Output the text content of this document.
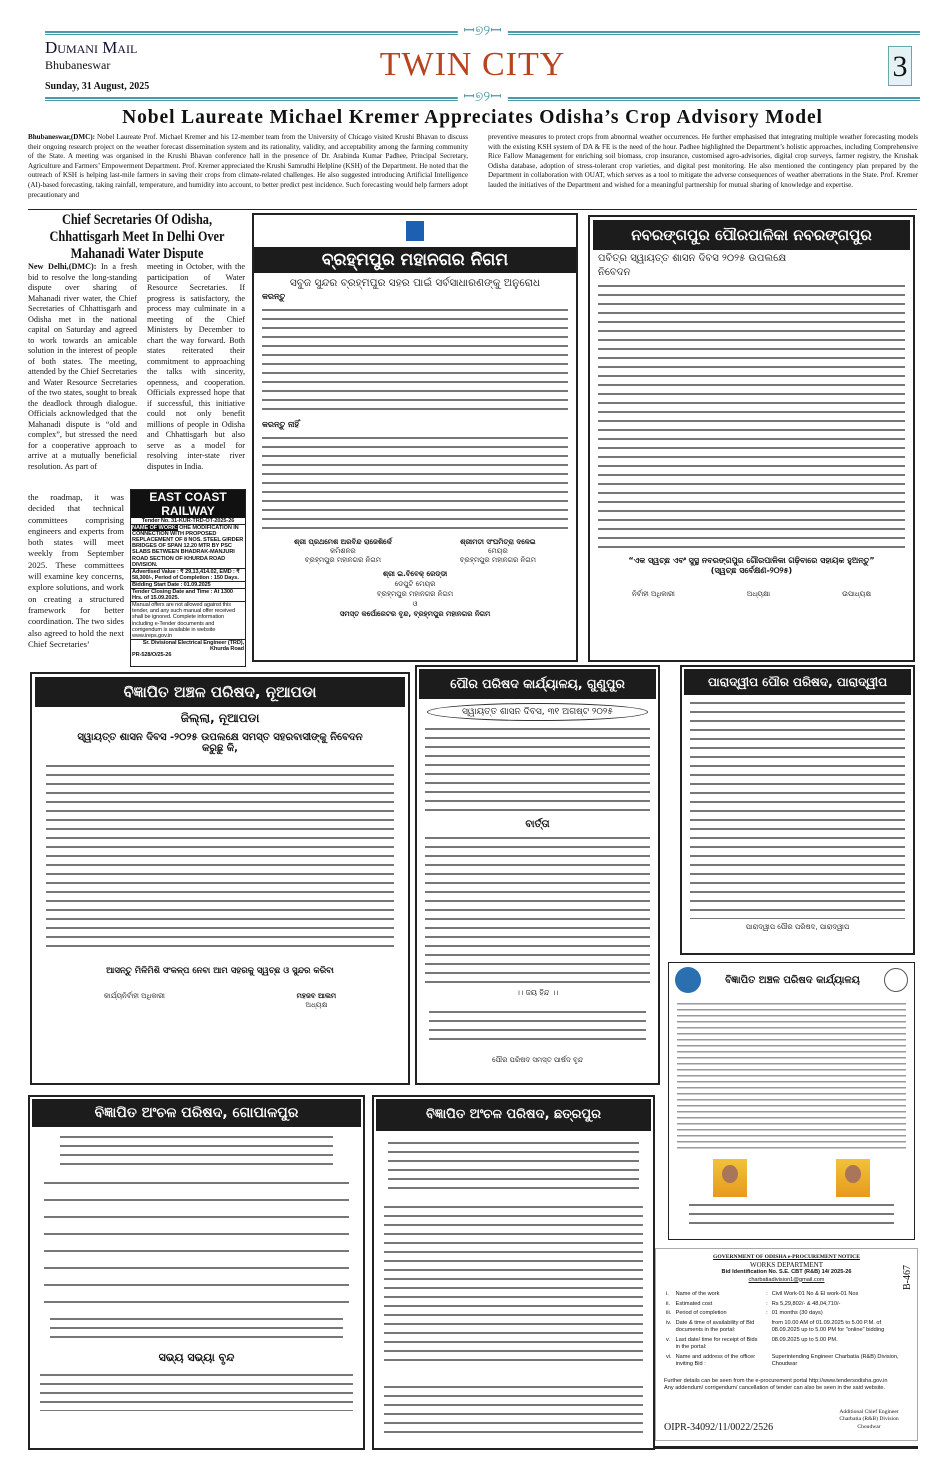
ꟷ୭୨ꟷ
ꟷ୭୨ꟷ
Dumani Mail
Bhubaneswar
Sunday, 31 August, 2025
TWIN CITY	3
Nobel Laureate Michael Kremer Appreciates Odisha’s Crop Advisory Model
Bhubaneswar,(DMC): Nobel Laureate Prof. Michael Kremer and his 12-member team from the University of Chicago visited Krushi Bhavan to discuss their ongoing research project on the weather forecast dissemination system and its rationality, validity, and acceptability among the farming community of the State. A meeting was organised in the Krushi Bhavan conference hall in the presence of Dr. Arabinda Kumar Padhee, Principal Secretary, Agriculture and Farmers’ Empowerment Department. Prof. Kremer appreciated the Krushi Samrudhi Helpline (KSH) of the Department. He noted that the outreach of KSH is helping last-mile farmers in saving their crops from climate-related challenges. He also suggested introducing Artificial Intelligence (AI)-based forecasting, taking rainfall, temperature, and humidity into account, to better predict pest incidence. Such forecasting would help farmers adopt precautionary and
preventive measures to protect crops from abnormal weather occurrences. He further emphasised that integrating multiple weather forecasting models with the existing KSH system of DA & FE is the need of the hour. Padhee highlighted the Department’s holistic approaches, including Comprehensive Rice Fallow Management for enriching soil biomass, crop insurance, customised agro-advisories, digital crop surveys, farmer registry, the Krushak Odisha database, adoption of stress-tolerant crop varieties, and digital pest monitoring. He also mentioned the contingency plan prepared by the Department in collaboration with OUAT, which serves as a tool to mitigate the adverse consequences of weather aberrations in the State. Prof. Kremer lauded the initiatives of the Department and wished for a meaningful partnership for mutual sharing of knowledge and expertise.
Chief Secretaries Of Odisha, Chhattisgarh Meet In Delhi Over Mahanadi Water Dispute
New Delhi,(DMC): In a fresh bid to resolve the long-standing dispute over sharing of Mahanadi river water, the Chief Secretaries of Chhattisgarh and Odisha met in the national capital on Saturday and agreed to work towards an amicable solution in the interest of people of both states. The meeting, attended by the Chief Secretaries and Water Resource Secretaries of the two states, sought to break the deadlock through dialogue. Officials acknowledged that the Mahanadi dispute is “old and complex”, but stressed the need for a cooperative approach to arrive at a mutually beneficial resolution. As part of
meeting in October, with the participation of Water Resource Secretaries. If progress is satisfactory, the process may culminate in a meeting of the Chief Ministers by December to chart the way forward. Both states reiterated their commitment to approaching the talks with sincerity, openness, and cooperation. Officials expressed hope that if successful, this initiative could not only benefit millions of people in Odisha and Chhattisgarh but also serve as a model for resolving inter-state river disputes in India.
the roadmap, it was decided that technical committees comprising engineers and experts from both states will meet weekly from September 2025. These committees will examine key concerns, explore solutions, and work on creating a structured framework for better coordination. The two sides also agreed to hold the next Chief Secretaries’
EAST COAST RAILWAY
Tender No. 31-KUR-TRD-OT-2025-26
NAME OF WORK: OHE MODIFICATION IN CONNECTION WITH PROPOSED REPLACEMENT OF 8 NOS. STEEL GIRDER BRIDGES OF SPAN 12.20 MTR BY PSC SLABS BETWEEN BHADRAK-MANJURI ROAD SECTION OF KHURDA ROAD DIVISION.
Advertised Value : ₹ 29,13,414.02, EMD : ₹ 58,300/-, Period of Completion : 150 Days.
Bidding Start Date : 01.09.2025
Tender Closing Date and Time : At 1300 Hrs. of 15.09.2025.
Manual offers are not allowed against this tender, and any such manual offer received shall be ignored. Complete information including e-Tender documents and corrigendum is available in website www.ireps.gov.in
Sr. Divisional Electrical Engineer (TRD), Khurda Road
PR-528/O/25-26
ବ୍ରହ୍ମପୁର ମହାନଗର ନିଗମ
ସବୁଜ ସୁନ୍ଦର ବ୍ରହ୍ମପୁର ସହର ପାଇଁ ସର୍ବସାଧାରଣଙ୍କୁ ଅନୁରୋଧ
କରନ୍ତୁ
କରନ୍ତୁ ନାହିଁ
ଶ୍ରୀ ପ୍ରଥମେଶ ଅରବିନ୍ଦ ରାଜେଶିର୍କେ
କମିଶନର
ବ୍ରହ୍ମପୁର ମହାନଗର ନିଗମ
ଶ୍ରୀମତୀ ସଂଘମିତ୍ରା ଦଳେଇ
ମେୟର
ବ୍ରହ୍ମପୁର ମହାନଗର ନିଗମ
ଶ୍ରୀ ଇ.ବିବେକ୍ ରେଡ୍ଡୀ
ଡେପୁଟି ମେୟର
ବ୍ରହ୍ମପୁର ମହାନଗର ନିଗମ
ଓ
ସମସ୍ତ କର୍ପୋରେଟର ବୃନ୍ଦ, ବ୍ରହ୍ମପୁର ମହାନଗର ନିଗମ
ନବରଙ୍ଗପୁର ପୌରପାଳିକା ନବରଙ୍ଗପୁର
ପବିତ୍ର ସ୍ୱାୟତ୍ତ ଶାସନ ଦିବସ ୨୦୨୫ ଉପଲକ୍ଷେ
ନିବେଦନ
“ଏକ ସ୍ୱଚ୍ଛ ଏବଂ ସୁସ୍ଥ ନବରଙ୍ଗପୁର ଗୌରପାଳିକା ଗଢ଼ିବାରେ ସହାୟକ ହୁଅନ୍ତୁ”
(ସ୍ୱଚ୍ଛ ସର୍ବେକ୍ଷଣ-୨୦୨୫)
ନିର୍ବାହୀ ଅଧିକାରୀ	ଅଧ୍ୟକ୍ଷା	ଉପାଧ୍ୟକ୍ଷ
ବିଜ୍ଞାପିତ ଅଞ୍ଚଳ ପରିଷଦ, ନୂଆପଡା
ଜିଲ୍ଲା, ନୂଆପଡା
ସ୍ୱାୟତ୍ତ ଶାସନ ଦିବସ -୨୦୨୫ ଉପଲକ୍ଷେ ସମସ୍ତ ସହରବାସୀଙ୍କୁ ନିବେଦନ କରୁଛୁ କି,
ଆସନ୍ତୁ ମିଳିମିଶି ସଂକଳ୍ପ ନେବା ଆମ ସହରକୁ ସ୍ୱଚ୍ଛ ଓ ସୁନ୍ଦର କରିବା
କାର୍ଯ୍ୟନିର୍ବାହୀ ଅଧିକାରୀ	ମହଜବ ଆଲମ
ଅଧ୍ୟକ୍ଷ
ପୌର ପରିଷଦ କାର୍ଯ୍ୟାଳୟ, ଗୁଣୁପୁର
ସ୍ୱାୟତ୍ତ ଶାସନ ଦିବସ, ୩୧ ଅଗଷ୍ଟ ୨୦୨୫
ବାର୍ତ୍ତା
।। ଜୟ ହିନ୍ଦ ।।
ପୌର ପରିଷଦ ସମସ୍ତ ପାର୍ଷଦ ବୃନ୍ଦ
ପାରାଦ୍ୱୀପ ପୌର ପରିଷଦ, ପାରାଦ୍ୱୀପ
ପାରାଦ୍ୱୀପ ପୌର ପରିଷଦ, ପାରାଦ୍ୱୀପ
ବିଜ୍ଞାପିତ ଅଞ୍ଚଳ ପରିଷଦ କାର୍ଯ୍ୟାଳୟ
ବିଜ୍ଞାପିତ ଅଂଚଳ ପରିଷଦ, ଗୋପାଳପୁର
ସଭ୍ୟ ସଭ୍ୟା ବୃନ୍ଦ
ବିଜ୍ଞାପିତ ଅଂଚଳ ପରିଷଦ, ଛତ୍ରପୁର
GOVERNMENT OF ODISHA e-PROCUREMENT NOTICE
WORKS DEPARTMENT
Bid Identification No. S.E. CBT (R&B) 14/ 2025-26
charbatiadivision1@gmail.com	B-467
i.	Name of the work	:	Civil Work-01 No & El work-01 Nos
ii.	Estimated cost	:	Rs 5,29,802/- & 48,04,710/-
iii.	Period of completion	:	01 months (30 days)
iv.	Date & time of availability of Bid documents in the portal:		from 10.00 AM of 01.09.2025 to 5.00 P.M. of 08.09.2025 up to 5.00 PM for "online" bidding
v.	Last date/ time for receipt of Bids in the portal:		08.09.2025 up to 5.00 PM.
vi.	Name and address of the officer inviting Bid :		Superintending Engineer Charbatia (R&B) Division, Choudwar
Further details can be seen from the e-procurement portal http://www.tendersodisha.gov.in
Any addendum/ corrigendum/ cancellation of tender can also be seen in the said website.
OIPR-34092/11/0022/2526
Additional Chief Engineer Charbatia (R&B) Division Choudwar
